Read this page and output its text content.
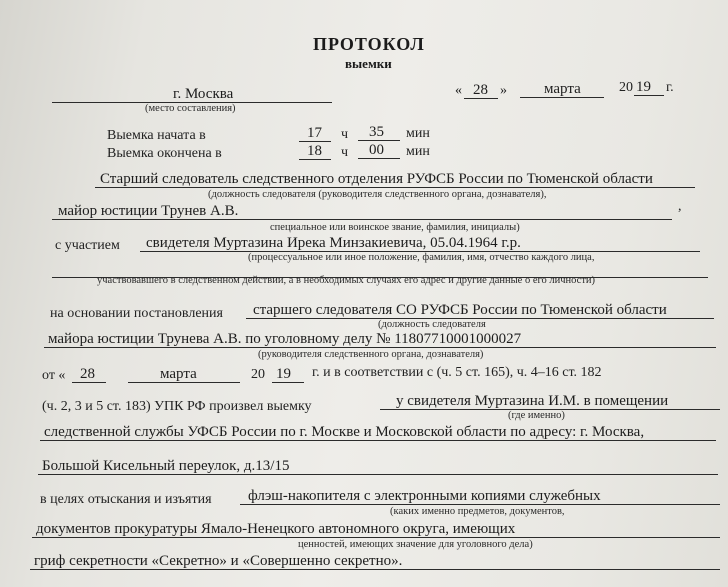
ПРОТОКОЛ
выемки
г. Москва
(место составления)
« 28 » марта	20 19 г.
Выемка начата в	17 ч 35 мин
Выемка окончена в	18 ч 00 мин
Старший следователь следственного отделения РУФСБ России по Тюменской области
(должность следователя (руководителя следственного органа, дознавателя),
майор юстиции Трунев А.В.	,
специальное или воинское звание, фамилия, инициалы)
с участием свидетеля Муртазина Ирека Минзакиевича, 05.04.1964 г.р.
(процессуальное или иное положение, фамилия, имя, отчество каждого лица,
участвовавшего в следственном действии, а в необходимых случаях его адрес и другие данные о его личности)
на основании постановления старшего следователя СО РУФСБ России по Тюменской области
(должность следователя
майора юстиции Трунева А.В. по уголовному делу № 11807710001000027
(руководителя следственного органа, дознавателя)
от « 28	марта	20 19 г. и в соответствии с (ч. 5 ст. 165), ч. 4–16 ст. 182
(ч. 2, 3 и 5 ст. 183) УПК РФ произвел выемку	у свидетеля Муртазина И.М. в помещении
(где именно)
следственной службы УФСБ России по г. Москве и Московской области по адресу: г. Москва,
Большой Кисельный переулок, д.13/15
в целях отыскания и изъятия флэш-накопителя с электронными копиями служебных
(каких именно предметов, документов,
документов прокуратуры Ямало-Ненецкого автономного округа, имеющих
ценностей, имеющих значение для уголовного дела)
гриф секретности «Секретно» и «Совершенно секретно».
